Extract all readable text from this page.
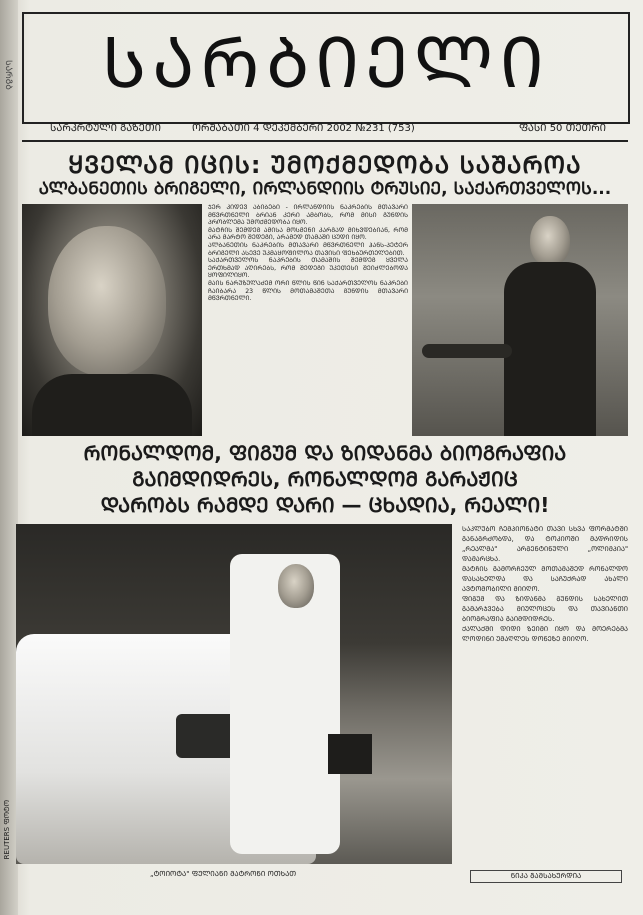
ᲡᲐᲠᲒᲑ	ᲡᲐᲠᲑᲘᲔᲚᲘ
ᲡᲐᲠᲙᲠᲢᲣᲚᲘ ᲒᲐᲖᲔᲗᲘ	ᲝᲠᲨᲐᲑᲐᲗᲘ 4 ᲓᲔᲙᲔᲛᲑᲔᲠᲘ 2002 №231 (753)	ᲤᲐᲡᲘ 50 ᲗᲔᲗᲠᲘ
ᲧᲕᲔᲚᲐᲛ ᲘᲪᲘᲡ: ᲣᲛᲝᲥᲛᲔᲓᲝᲑᲐ ᲡᲐᲨᲐᲠᲝᲐ
ᲐᲚᲑᲐᲜᲔᲗᲘᲡ ᲑᲠᲘᲒᲔᲚᲘ, ᲘᲠᲚᲐᲜᲓᲘᲘᲡ ᲢᲠᲣᲡᲘᲔ, ᲡᲐᲥᲐᲠᲗᲕᲔᲚᲝᲡ...

ᲯᲔᲠ ᲙᲘᲓᲔᲕ ᲐᲑᲘᲑᲔᲑᲘ - ᲘᲠᲚᲐᲜᲓᲘᲘᲡ ᲜᲐᲙᲠᲔᲑᲘᲡ ᲛᲗᲐᲕᲐᲠᲘ ᲛᲬᲕᲠᲗᲜᲔᲚᲘ ᲑᲠᲘᲐᲜ ᲙᲔᲠᲘ ᲐᲛᲑᲝᲑᲡ, ᲠᲝᲛ ᲛᲘᲡᲘ ᲒᲣᲜᲓᲘᲡ ᲞᲠᲝᲑᲚᲔᲛᲐ ᲣᲛᲝᲥᲛᲔᲓᲝᲑᲐ ᲘᲧᲝ.

ᲛᲐᲢᲩᲘᲡ ᲨᲔᲛᲓᲔᲒ ᲐᲛᲘᲡᲐ ᲛᲝᲡᲛᲔᲜᲘ ᲙᲐᲠᲒᲐᲓ ᲛᲘᲮᲕᲓᲔᲑᲘᲐᲜ, ᲠᲝᲛ ᲐᲠᲐ ᲛᲐᲠᲢᲝ ᲨᲔᲓᲔᲒᲘ, ᲐᲠᲐᲛᲔᲓ ᲗᲐᲛᲐᲨᲘ ᲪᲣᲓᲘ ᲘᲧᲝ.

ᲐᲚᲑᲐᲜᲔᲗᲘᲡ ᲜᲐᲙᲠᲔᲑᲘᲡ ᲛᲗᲐᲕᲐᲠᲘ ᲛᲬᲕᲠᲗᲜᲔᲚᲘ ᲰᲐᲜᲡ-ᲞᲔᲢᲔᲠ ᲑᲠᲘᲒᲔᲚᲘ ᲐᲡᲔᲕᲔ ᲣᲙᲛᲐᲧᲝᲤᲘᲚᲝᲐ ᲗᲐᲕᲘᲡᲘ ᲤᲔᲮᲑᲣᲠᲗᲔᲚᲔᲑᲘᲗ.

ᲡᲐᲥᲐᲠᲗᲕᲔᲚᲝᲡ ᲜᲐᲙᲠᲔᲑᲘᲡ ᲗᲐᲛᲐᲨᲘᲡ ᲨᲔᲛᲓᲔᲒ ᲧᲕᲔᲚᲐ ᲔᲠᲗᲮᲛᲐᲓ ᲐᲦᲘᲠᲔᲑᲡ, ᲠᲝᲛ ᲨᲔᲓᲔᲒᲘ ᲣᲙᲔᲗᲔᲡᲘ ᲨᲔᲘᲫᲚᲔᲑᲝᲓᲐ ᲧᲝᲤᲘᲚᲘᲧᲝ.

ᲛᲐᲘᲡ ᲜᲐᲠᲣᲖᲣᲚᲐᲫᲔᲛ ᲝᲠᲘ ᲬᲚᲘᲡ ᲬᲘᲜ ᲡᲐᲥᲐᲠᲗᲕᲔᲚᲝᲡ ᲜᲐᲙᲠᲔᲑᲘ ᲩᲐᲘᲑᲐᲠᲐ 23 ᲬᲚᲘᲡ ᲛᲝᲗᲐᲛᲐᲨᲔᲗᲐ ᲒᲣᲜᲓᲘᲡ ᲛᲗᲐᲕᲐᲠᲘ ᲛᲬᲕᲠᲗᲜᲔᲚᲘ.

ᲠᲝᲜᲐᲚᲓᲝᲛ, ᲤᲘᲒᲣᲛ ᲓᲐ ᲖᲘᲓᲐᲜᲛᲐ ᲑᲘᲝᲒᲠᲐᲤᲘᲐ
ᲒᲐᲘᲛᲓᲘᲓᲠᲔᲡ, ᲠᲝᲜᲐᲚᲓᲝᲛ ᲒᲐᲠᲐᲟᲘᲪ
ᲓᲐᲠᲝᲑᲡ ᲠᲐᲛᲓᲔ ᲓᲐᲠᲘ — ᲪᲮᲐᲓᲘᲐ, ᲠᲔᲐᲚᲘ!
„ᲢᲝᲘᲝᲢᲐ" ᲤᲣᲚᲘᲐᲜᲘ ᲛᲐᲢᲠᲝᲜᲘ ᲝᲗᲮᲐᲗ

ᲡᲐᲙᲚᲣᲑᲝ ᲩᲔᲛᲞᲘᲝᲜᲐᲢᲘ ᲗᲐᲕᲘ ᲡᲮᲕᲐ ᲤᲝᲠᲛᲐᲢᲨᲘ ᲒᲐᲜᲐᲒᲠᲫᲝᲑᲓᲐ, ᲓᲐ ᲢᲝᲙᲘᲝᲨᲘ ᲛᲐᲓᲠᲘᲓᲘᲡ „ᲠᲔᲐᲚᲛᲐ" ᲐᲠᲒᲔᲜᲢᲘᲜᲣᲚᲘ „ᲝᲚᲘᲛᲞᲘᲐ" ᲓᲐᲛᲐᲠᲪᲮᲐ.

ᲛᲐᲢᲩᲘᲡ ᲒᲐᲛᲝᲠᲩᲔᲣᲚ ᲛᲝᲗᲐᲛᲐᲨᲔᲓ ᲠᲝᲜᲐᲚᲓᲝ ᲓᲐᲡᲐᲮᲔᲚᲓᲐ ᲓᲐ ᲡᲐᲩᲣᲥᲠᲐᲓ ᲐᲮᲐᲚᲘ ᲐᲕᲢᲝᲛᲝᲑᲘᲚᲘ ᲛᲘᲘᲦᲝ.

ᲤᲘᲒᲣᲛ ᲓᲐ ᲖᲘᲓᲐᲜᲛᲐ ᲒᲣᲜᲓᲘᲡ ᲡᲐᲮᲔᲚᲘᲗ ᲒᲐᲛᲐᲠᲯᲕᲔᲑᲐ ᲛᲘᲣᲚᲝᲪᲔᲡ ᲓᲐ ᲗᲐᲕᲘᲐᲜᲗᲘ ᲑᲘᲝᲒᲠᲐᲤᲘᲐ ᲒᲐᲘᲛᲓᲘᲓᲠᲔᲡ.

ᲥᲐᲚᲐᲥᲨᲘ ᲓᲘᲓᲘ ᲖᲔᲘᲛᲘ ᲘᲧᲝ ᲓᲐ ᲛᲝᲔᲠᲔᲑᲛᲐ ᲚᲝᲓᲘᲜᲘ ᲣᲛᲐᲦᲚᲔᲡ ᲓᲝᲜᲔᲖᲔ ᲛᲘᲘᲦᲝ.

ᲜᲘᲙᲐ ᲒᲐᲛᲡᲐᲮᲣᲠᲓᲘᲐ
REUTERS ᲤᲝᲢᲝ
